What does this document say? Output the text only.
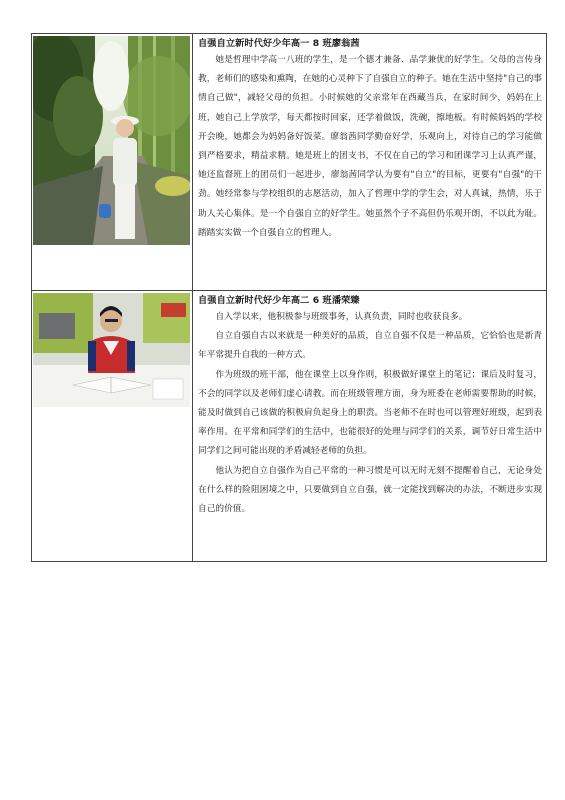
自强自立新时代好少年高一 8 班廖翁茜

她是哲理中学高一八班的学生，是一个德才兼备、品学兼优的好学生。父母的言传身教，老师们的感染和熏陶，在她的心灵种下了自强自立的种子。她在生活中坚持"自己的事情自己做"，减轻父母的负担。小时候她的父亲常年在西藏当兵，在家时间少，妈妈在上班，她自己上学放学，每天都按时回家，还学着做饭，洗碗，擦地板。有时候妈妈的学校开会晚，她都会为妈妈备好饭菜。廖翁茜同学勤奋好学，乐观向上，对待自己的学习能做到严格要求，精益求精。她是班上的团支书，不仅在自己的学习和团课学习上认真严谨，她还监督班上的团员们一起进步，廖翁茜同学认为要有"自立"的目标，更要有"自强"的干劲。她经常参与学校组织的志愿活动，加入了哲理中学的学生会，对人真诚，热情，乐于助人关心集体。是一个自强自立的好学生。她虽然个子不高但仍乐观开朗，不以此为耻。踏踏实实做一个自强自立的哲理人。

自强自立新时代好少年高二 6 班潘荣臻

自入学以来，他积极参与班级事务，认真负责，同时也收获良多。

自立自强自古以来就是一种美好的品质，自立自强不仅是一种品质，它恰恰也是新青年平常提升自我的一种方式。

作为班级的班干部，他在课堂上以身作则，积极做好课堂上的笔记；课后及时复习，不会的同学以及老师们虚心请教。而在班级管理方面，身为班委在老师需要帮助的时候，能及时做到自己该做的积极肩负起身上的职责。当老师不在时也可以管理好班级，起到表率作用。在平常和同学们的生活中，也能很好的处理与同学们的关系，调节好日常生活中同学们之间可能出现的矛盾减轻老师的负担。

他认为把自立自强作为自己平常的一种习惯是可以无时无刻不提醒着自己，无论身处在什么样的险阻困境之中，只要做到自立自强，就一定能找到解决的办法，不断进步实现自己的价值。
